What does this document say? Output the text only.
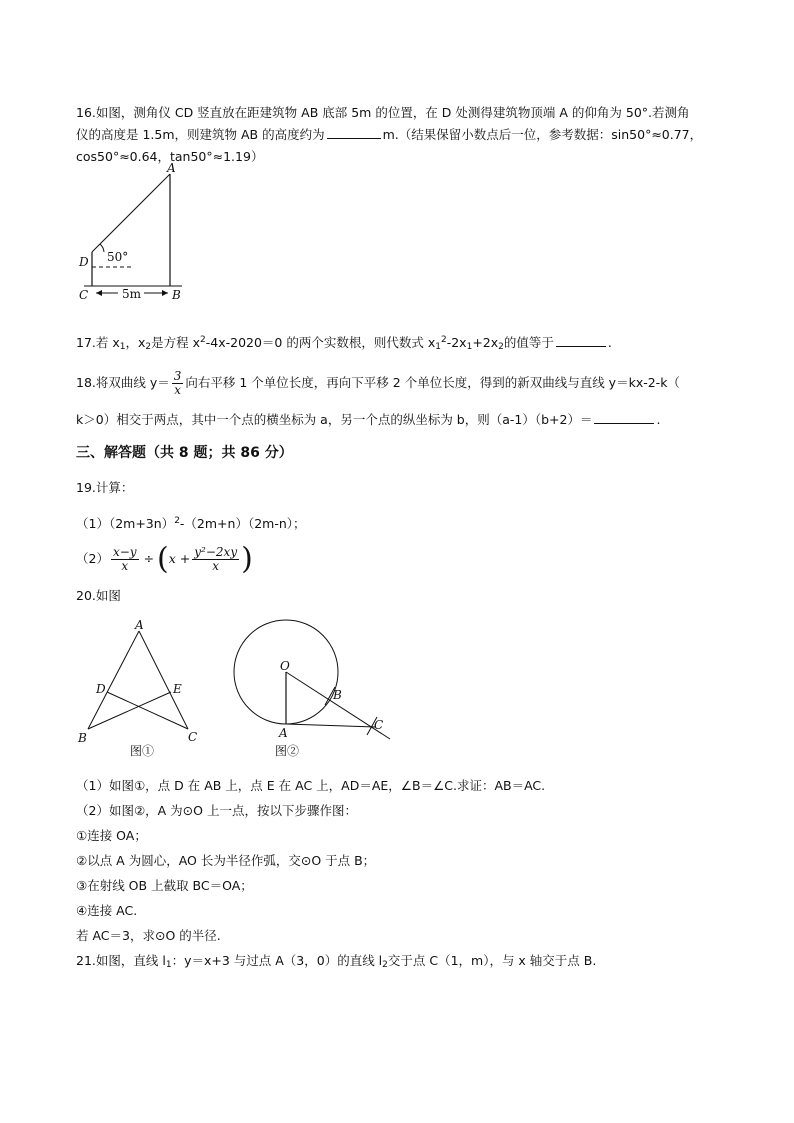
16.如图，测角仪 CD 竖直放在距建筑物 AB 底部 5m 的位置，在 D 处测得建筑物顶端 A 的仰角为 50°.若测角
仪的高度是 1.5m，则建筑物 AB 的高度约为	m.（结果保留小数点后一位，参考数据：sin50°≈0.77，
cos50°≈0.64，tan50°≈1.19）
A
D
C	B
50°
5m
17.若 $x_1$，$x_2$是方程 $x^2-4x-2020=0$ 的两个实数根，则代数式 $x_1^2-2x_1+2x_2$的值等于	.
18.将双曲线 $y= \frac{3}{x}$ 向右平移 1 个单位长度，再向下平移 2 个单位长度，得到的新双曲线与直线 y＝kx-2-k（
k＞0）相交于两点，其中一个点的横坐标为 a，另一个点的纵坐标为 b，则（a-1）（b+2）＝	.
三、解答题（共 8 题；共 86 分）
19.计算：
$(1)(2m+3n)^2-(2m+n)(2m-n)$；
$(2) \frac{x-y}{x} \div (x + \frac{\text{y²−2xy}}{x}$ )
20.如图
A
D	E
B	C
图①
O
B
A
C
图②
（1）如图①，点 D 在 AB 上，点 E 在 AC 上，AD＝AE，∠B＝∠C.求证：AB＝AC.
（2）如图②，A 为⊙O 上一点，按以下步骤作图：
①连接 OA；
②以点 A 为圆心，AO 长为半径作弧，交⊙O 于点 B；
③在射线 OB 上截取 BC＝OA；
④连接 AC.
若 AC＝3，求⊙O 的半径.
21.如图，直线 $l_1$：y＝x+3 与过点 A（3，0）的直线 $l_2$交于点 C（1，m），与 x 轴交于点 B.
